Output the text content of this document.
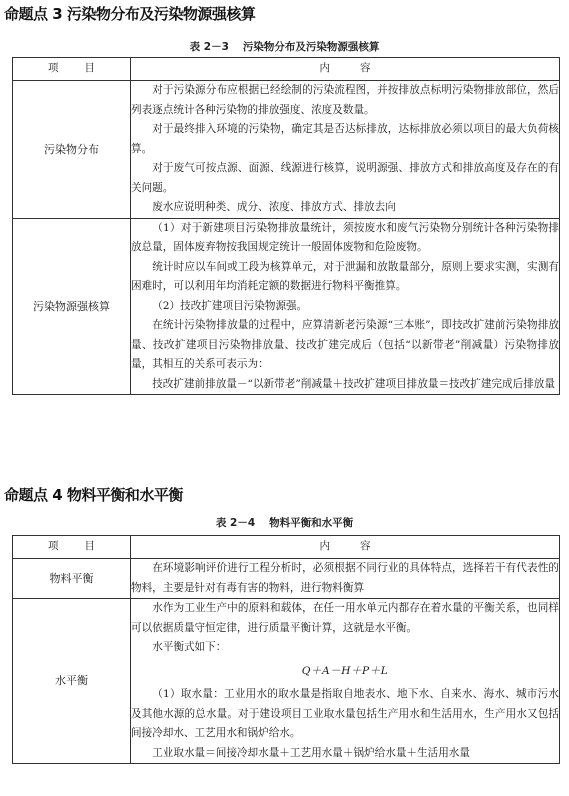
命题点 3 污染物分布及污染物源强核算
表 2－3 污染物分布及污染物源强核算
项目	内容
污染物分布	对于污染源分布应根据已经绘制的污染流程图，并按排放点标明污染物排放部位，然后列表逐点统计各种污染物的排放强度、浓度及数量。

对于最终排入环境的污染物，确定其是否达标排放，达标排放必须以项目的最大负荷核算。

对于废气可按点源、面源、线源进行核算，说明源强、排放方式和排放高度及存在的有关问题。

废水应说明种类、成分、浓度、排放方式、排放去向

污染物源强核算	（1）对于新建项目污染物排放量统计，须按废水和废气污染物分别统计各种污染物排放总量，固体废弃物按我国规定统计一般固体废物和危险废物。

统计时应以车间或工段为核算单元，对于泄漏和放散量部分，原则上要求实测，实测有困难时，可以利用年均消耗定额的数据进行物料平衡推算。

（2）技改扩建项目污染物源强。

在统计污染物排放量的过程中，应算清新老污染源“三本账”，即技改扩建前污染物排放量、技改扩建项目污染物排放量、技改扩建完成后（包括“以新带老”削减量）污染物排放量，其相互的关系可表示为：

技改扩建前排放量－“以新带老”削减量＋技改扩建项目排放量＝技改扩建完成后排放量

命题点 4 物料平衡和水平衡
表 2－4 物料平衡和水平衡
项目	内容
物料平衡	在环境影响评价进行工程分析时，必须根据不同行业的具体特点，选择若干有代表性的物料，主要是针对有毒有害的物料，进行物料衡算

水平衡	水作为工业生产中的原料和载体，在任一用水单元内都存在着水量的平衡关系，也同样可以依据质量守恒定律，进行质量平衡计算，这就是水平衡。

水平衡式如下：

Q＋A－H＋P＋L

（1）取水量：工业用水的取水量是指取自地表水、地下水、自来水、海水、城市污水及其他水源的总水量。对于建设项目工业取水量包括生产用水和生活用水，生产用水又包括间接冷却水、工艺用水和锅炉给水。

工业取水量＝间接冷却水量＋工艺用水量＋锅炉给水量＋生活用水量
